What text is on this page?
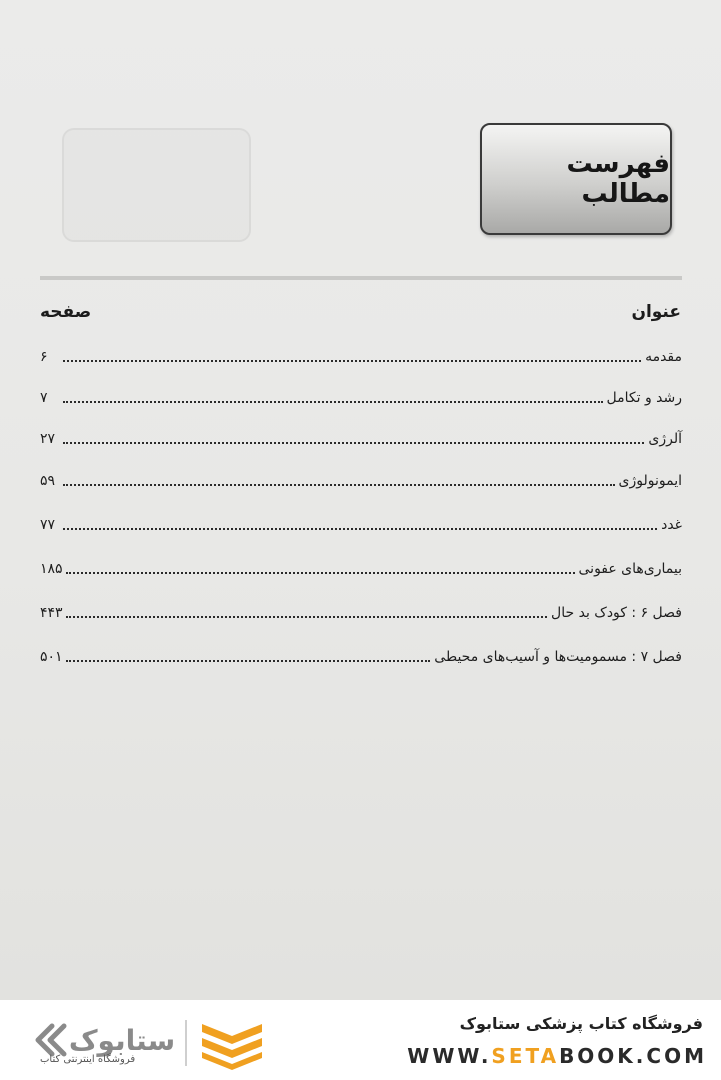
فهرست مطالب
عنوان
صفحه
مقدمه
۶
رشد و تکامل
۷
آلرژی
۲۷
ایمونولوژی
۵۹
غدد
۷۷
بیماری‌های عفونی
۱۸۵
فصل ۶ : کودک بد حال
۴۴۳
فصل ۷ : مسمومیت‌ها و آسیب‌های محیطی
۵۰۱
ستابوک
فروشگاه اینترنتی کتاب
فروشگاه کتاب پزشکی ستابوک
WWW.SETABOOK.COM
